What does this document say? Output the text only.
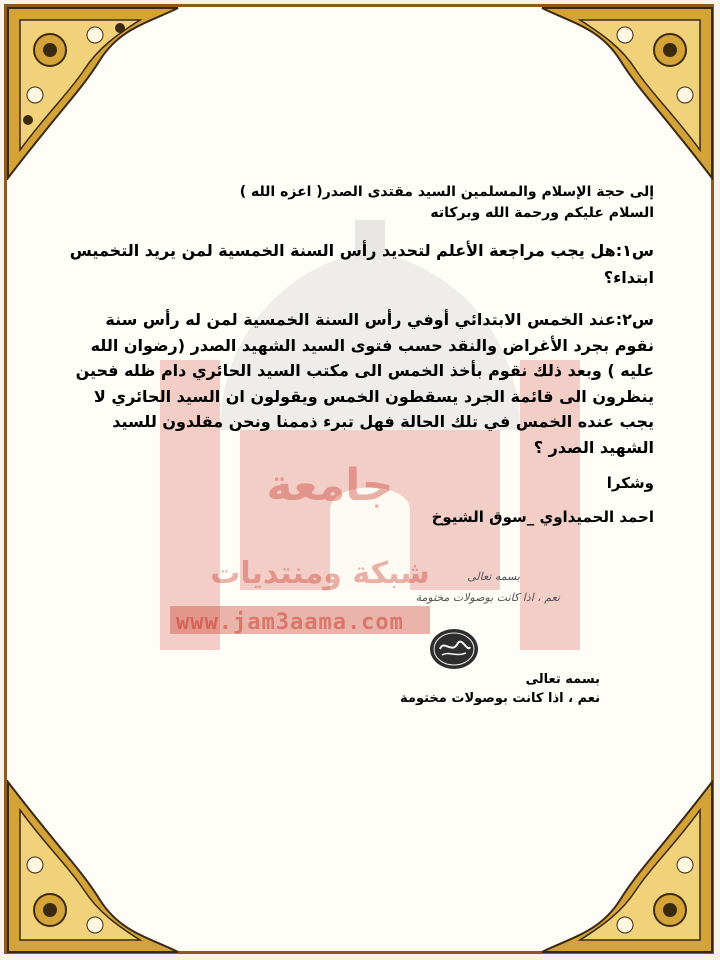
جامعة
شبكة ومنتديات
www.jam3aama.com

إلى حجة الإسلام والمسلمين السيد مقتدى الصدر( اعزه الله )

السلام عليكم ورحمة الله وبركاته

س١:هل يجب مراجعة الأعلم لتحديد رأس السنة الخمسية لمن يريد التخميس ابتداء؟

س٢:عند الخمس الابتدائي أوفي رأس السنة الخمسية لمن له رأس سنة نقوم بجرد الأغراض والنقد حسب فتوى السيد الشهيد الصدر (رضوان الله عليه ) وبعد ذلك نقوم بأخذ الخمس الى مكتب السيد الحائري دام ظله فحين ينظرون الى قائمة الجرد يسقطون الخمس ويقولون ان السيد الحائري لا يجب عنده الخمس في تلك الحالة فهل تبرء ذممنا ونحن مقلدون للسيد الشهيد الصدر ؟

وشكرا

احمد الحميداوي _سوق الشيوخ

بسمه تعالى
نعم ، اذا كانت بوصولات مختومة

بسمه تعالى

نعم ، اذا كانت بوصولات مختومة
